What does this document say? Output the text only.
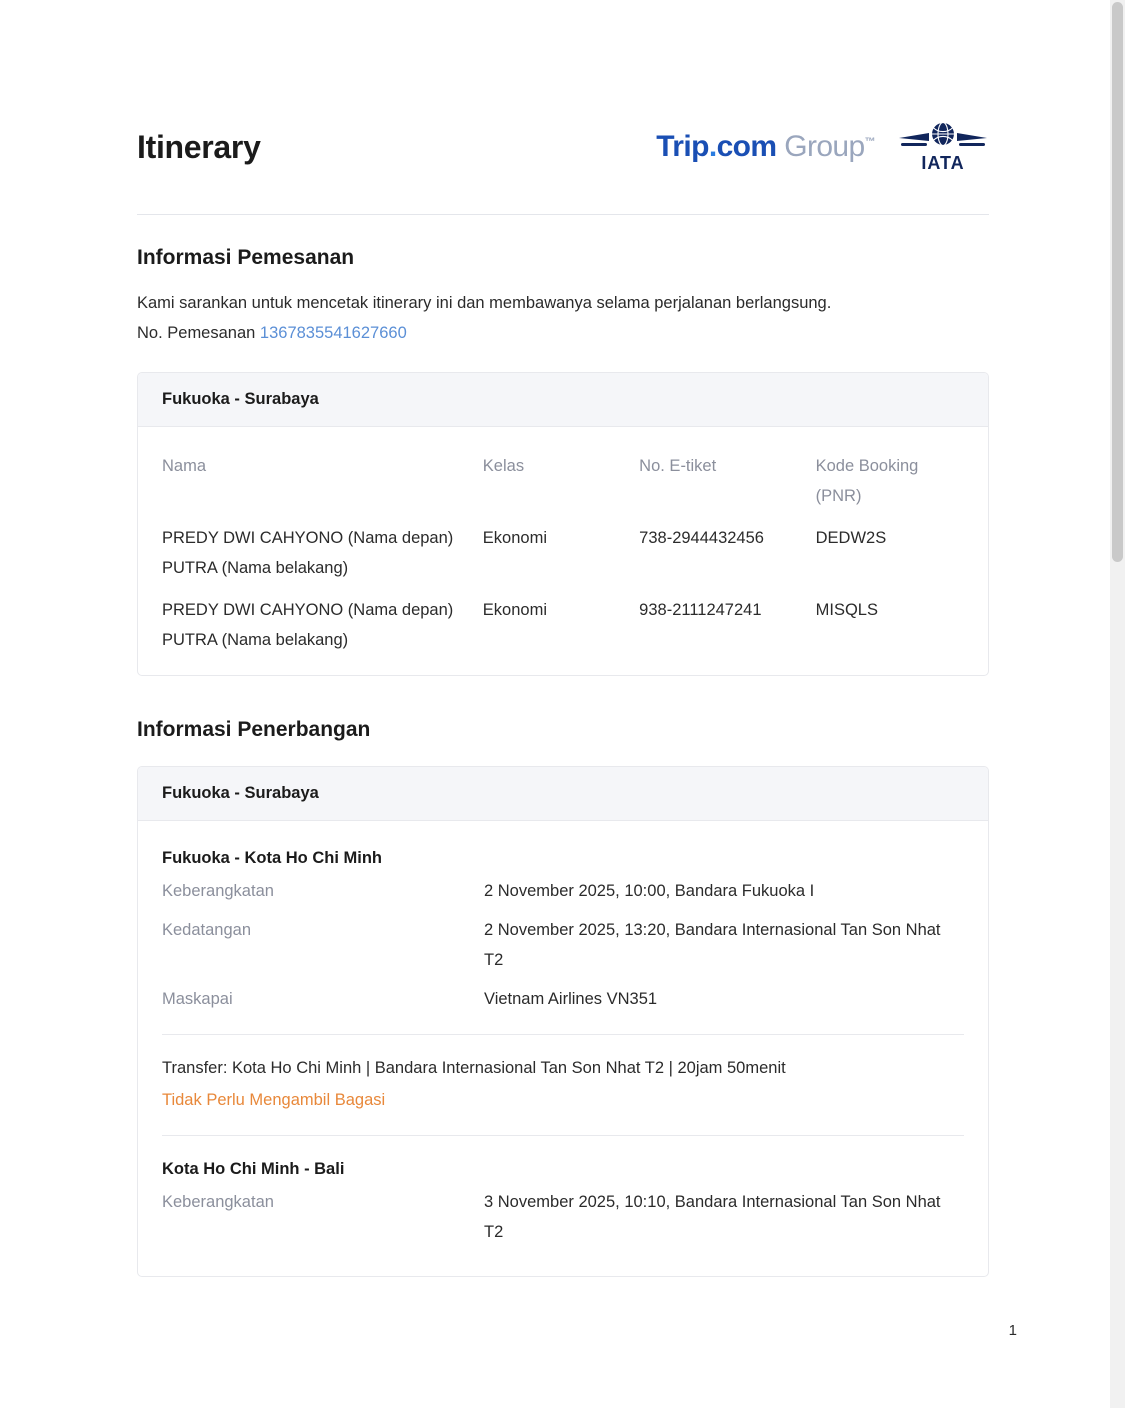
Itinerary	Trip.com Group™
IATA
Informasi Pemesanan

Kami sarankan untuk mencetak itinerary ini dan membawanya selama perjalanan berlangsung.

No. Pemesanan 1367835541627660

Fukuoka - Surabaya
Nama	Kelas	No. E-tiket	Kode Booking (PNR)
PREDY DWI CAHYONO (Nama depan) PUTRA (Nama belakang)	Ekonomi	738-2944432456	DEDW2S
PREDY DWI CAHYONO (Nama depan) PUTRA (Nama belakang)	Ekonomi	938-2111247241	MISQLS
Informasi Penerbangan
Fukuoka - Surabaya
Fukuoka - Kota Ho Chi Minh
Keberangkatan	2 November 2025, 10:00, Bandara Fukuoka I
Kedatangan	2 November 2025, 13:20, Bandara Internasional Tan Son Nhat T2
Maskapai	Vietnam Airlines VN351
Transfer: Kota Ho Chi Minh | Bandara Internasional Tan Son Nhat T2 | 20jam 50menit
Tidak Perlu Mengambil Bagasi
Kota Ho Chi Minh - Bali
Keberangkatan	3 November 2025, 10:10, Bandara Internasional Tan Son Nhat T2
1
